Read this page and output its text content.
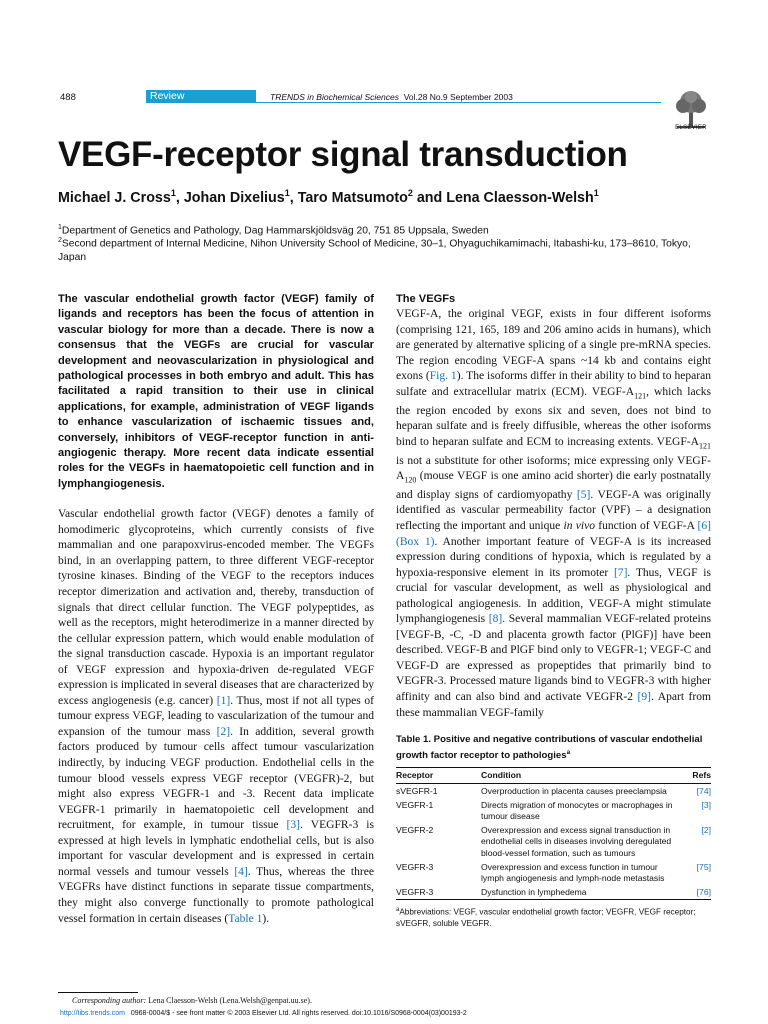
488	Review	TRENDS in Biochemical Sciences Vol.28 No.9 September 2003
ELSEVIER
VEGF-receptor signal transduction
Michael J. Cross$^1$, Johan Dixelius$^1$, Taro Matsumoto$^2$ and Lena Claesson-Welsh$^1$
$^1$Department of Genetics and Pathology, Dag Hammarskjöldsväg 20, 751 85 Uppsala, Sweden
$^2$Second department of Internal Medicine, Nihon University School of Medicine, 30–1, Ohyaguchikamimachi, Itabashi-ku, 173–8610, Tokyo, Japan

The vascular endothelial growth factor (VEGF) family of ligands and receptors has been the focus of attention in vascular biology for more than a decade. There is now a consensus that the VEGFs are crucial for vascular development and neovascularization in physiological and pathological processes in both embryo and adult. This has facilitated a rapid transition to their use in clinical applications, for example, administration of VEGF ligands to enhance vascularization of ischaemic tissues and, conversely, inhibitors of VEGF-receptor function in anti-angiogenic therapy. More recent data indicate essential roles for the VEGFs in haematopoietic cell function and in lymphangiogenesis.

Vascular endothelial growth factor (VEGF) denotes a family of homodimeric glycoproteins, which currently consists of five mammalian and one parapoxvirus-encoded member. The VEGFs bind, in an overlapping pattern, to three different VEGF-receptor tyrosine kinases. Binding of the VEGF to the receptors induces receptor dimerization and activation and, thereby, transduction of signals that direct cellular function. The VEGF polypeptides, as well as the receptors, might heterodimerize in a manner directed by the cellular expression pattern, which would enable modulation of the signal transduction cascade. Hypoxia is an important regulator of VEGF expression and hypoxia-driven de-regulated VEGF expression is implicated in several diseases that are characterized by excess angiogenesis (e.g. cancer) [1]. Thus, most if not all types of tumour express VEGF, leading to vascularization of the tumour and expansion of the tumour mass [2]. In addition, several growth factors produced by tumour cells affect tumour vascularization indirectly, by inducing VEGF production. Endothelial cells in the tumour blood vessels express VEGF receptor (VEGFR)-2, but might also express VEGFR-1 and -3. Recent data implicate VEGFR-1 primarily in haematopoietic cell development and recruitment, for example, in tumour tissue [3]. VEGFR-3 is expressed at high levels in lymphatic endothelial cells, but is also important for vascular development and is expressed in certain normal vessels and tumour vessels [4]. Thus, whereas the three VEGFRs have distinct functions in separate tissue compartments, they might also converge functionally to promote pathological vessel formation in certain diseases (Table 1).

The VEGFs

VEGF-A, the original VEGF, exists in four different isoforms (comprising 121, 165, 189 and 206 amino acids in humans), which are generated by alternative splicing of a single pre-mRNA species. The region encoding VEGF-A spans ~14 kb and contains eight exons (Fig. 1). The isoforms differ in their ability to bind to heparan sulfate and extracellular matrix (ECM). VEGF-$A_{121}$, which lacks the region encoded by exons six and seven, does not bind to heparan sulfate and is freely diffusible, whereas the other isoforms bind to heparan sulfate and ECM to increasing extents. VEGF-$A_{121}$ is not a substitute for other isoforms; mice expressing only VEGF-$A_{120}$ (mouse VEGF is one amino acid shorter) die early postnatally and display signs of cardiomyopathy [5]. VEGF-A was originally identified as vascular permeability factor (VPF) – a designation reflecting the important and unique in vivo function of VEGF-A [6] (Box 1). Another important feature of VEGF-A is its increased expression during conditions of hypoxia, which is regulated by a hypoxia-responsive element in its promoter [7]. Thus, VEGF is crucial for vascular development, as well as physiological and pathological angiogenesis. In addition, VEGF-A might stimulate lymphangiogenesis [8]. Several mammalian VEGF-related proteins [VEGF-B, -C, -D and placenta growth factor (PlGF)] have been described. VEGF-B and PlGF bind only to VEGFR-1; VEGF-C and VEGF-D are expressed as propeptides that primarily bind to VEGFR-3. Processed mature ligands bind to VEGFR-3 with higher affinity and can also bind and activate VEGFR-2 [9]. Apart from these mammalian VEGF-family

Table 1. Positive and negative contributions of vascular endothelial growth factor receptor to pathologies$^a$

Receptor	Condition	Refs
sVEGFR-1	Overproduction in placenta causes preeclampsia	[74]
VEGFR-1	Directs migration of monocytes or macrophages in tumour disease	[3]
VEGFR-2	Overexpression and excess signal transduction in endothelial cells in diseases involving deregulated blood-vessel formation, such as tumours	[2]
VEGFR-3	Overexpression and excess function in tumour lymph angiogenesis and lymph-node metastasis	[75]
VEGFR-3	Dysfunction in lymphedema	[76]
$^a$Abbreviations: VEGF, vascular endothelial growth factor; VEGFR, VEGF receptor; sVEGFR, soluble VEGFR.
http://tibs.trends.com 0968-0004/$ - see front matter © 2003 Elsevier Ltd. All rights reserved. doi:10.1016/S0968-0004(03)00193-2
Corresponding author: Lena Claesson-Welsh (Lena.Welsh@genpat.uu.se).
